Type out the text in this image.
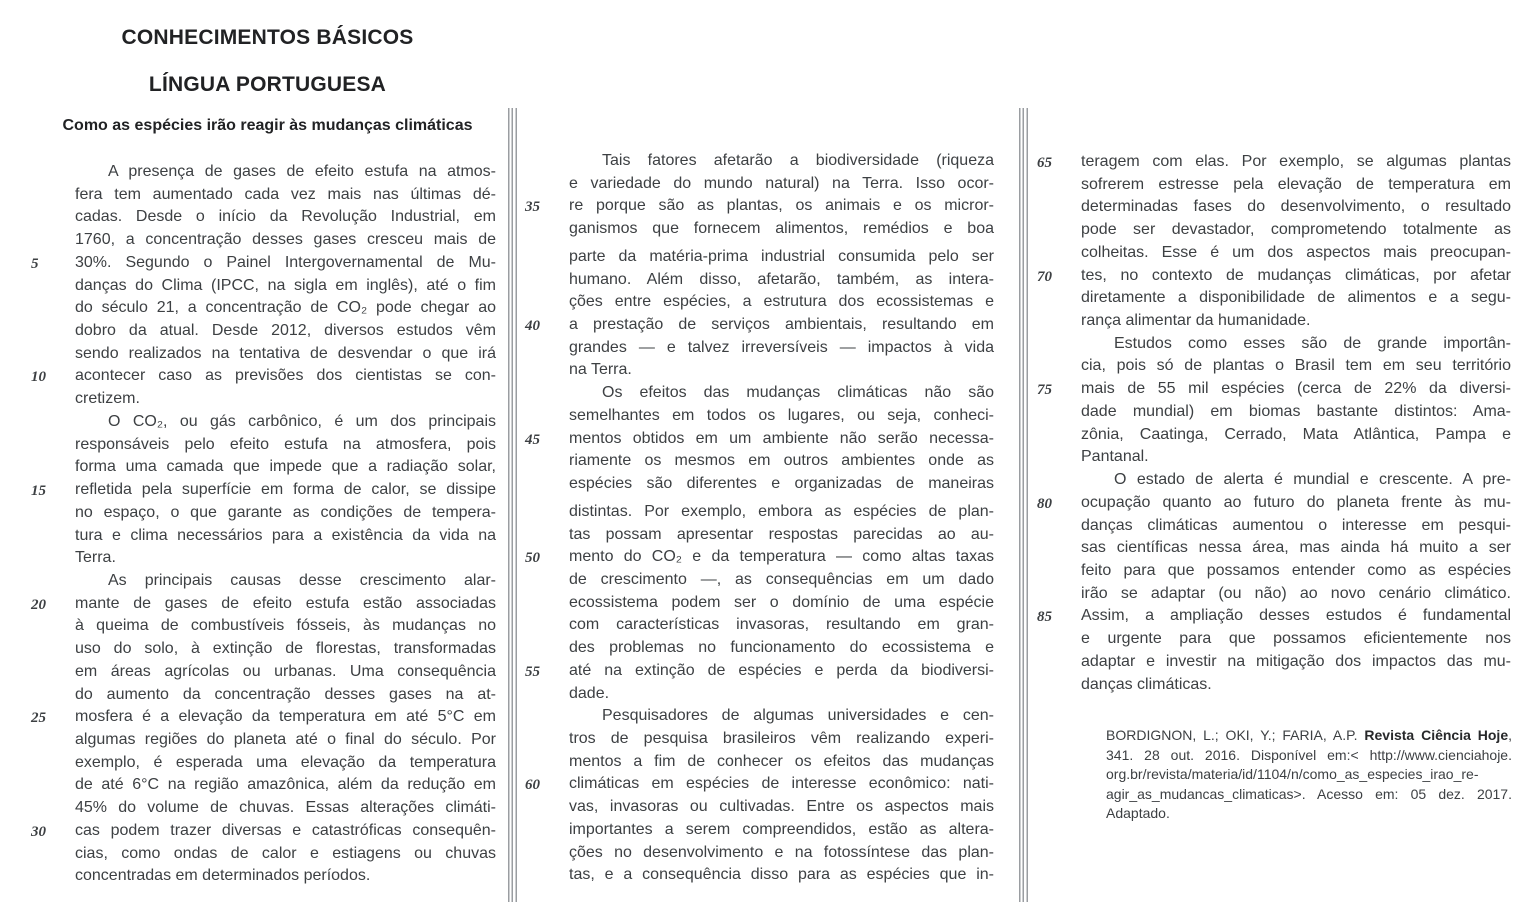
CONHECIMENTOS BÁSICOS
LÍNGUA PORTUGUESA
Como as espécies irão reagir às mudanças climáticas
A presença de gases de efeito estufa na atmos-
fera tem aumentado cada vez mais nas últimas dé-
cadas. Desde o início da Revolução Industrial, em
1760, a concentração desses gases cresceu mais de
5	30%. Segundo o Painel Intergovernamental de Mu-
danças do Clima (IPCC, na sigla em inglês), até o fim
do século 21, a concentração de CO₂ pode chegar ao
dobro da atual. Desde 2012, diversos estudos vêm
sendo realizados na tentativa de desvendar o que irá
10	acontecer caso as previsões dos cientistas se con-
cretizem.
O CO₂, ou gás carbônico, é um dos principais
responsáveis pelo efeito estufa na atmosfera, pois
forma uma camada que impede que a radiação solar,
15	refletida pela superfície em forma de calor, se dissipe
no espaço, o que garante as condições de tempera-
tura e clima necessários para a existência da vida na
Terra.
As principais causas desse crescimento alar-
20	mante de gases de efeito estufa estão associadas
à queima de combustíveis fósseis, às mudanças no
uso do solo, à extinção de florestas, transformadas
em áreas agrícolas ou urbanas. Uma consequência
do aumento da concentração desses gases na at-
25	mosfera é a elevação da temperatura em até 5°C em
algumas regiões do planeta até o final do século. Por
exemplo, é esperada uma elevação da temperatura
de até 6°C na região amazônica, além da redução em
45% do volume de chuvas. Essas alterações climáti-
30	cas podem trazer diversas e catastróficas consequên-
cias, como ondas de calor e estiagens ou chuvas
concentradas em determinados períodos.
Tais fatores afetarão a biodiversidade (riqueza
e variedade do mundo natural) na Terra. Isso ocor-
35	re porque são as plantas, os animais e os micror-
ganismos que fornecem alimentos, remédios e boa
parte da matéria-prima industrial consumida pelo ser
humano. Além disso, afetarão, também, as intera-
ções entre espécies, a estrutura dos ecossistemas e
40	a prestação de serviços ambientais, resultando em
grandes — e talvez irreversíveis — impactos à vida
na Terra.
Os efeitos das mudanças climáticas não são
semelhantes em todos os lugares, ou seja, conheci-
45	mentos obtidos em um ambiente não serão necessa-
riamente os mesmos em outros ambientes onde as
espécies são diferentes e organizadas de maneiras
distintas. Por exemplo, embora as espécies de plan-
tas possam apresentar respostas parecidas ao au-
50	mento do CO₂ e da temperatura — como altas taxas
de crescimento —, as consequências em um dado
ecossistema podem ser o domínio de uma espécie
com características invasoras, resultando em gran-
des problemas no funcionamento do ecossistema e
55	até na extinção de espécies e perda da biodiversi-
dade.
Pesquisadores de algumas universidades e cen-
tros de pesquisa brasileiros vêm realizando experi-
mentos a fim de conhecer os efeitos das mudanças
60	climáticas em espécies de interesse econômico: nati-
vas, invasoras ou cultivadas. Entre os aspectos mais
importantes a serem compreendidos, estão as altera-
ções no desenvolvimento e na fotossíntese das plan-
tas, e a consequência disso para as espécies que in-
65	teragem com elas. Por exemplo, se algumas plantas
sofrerem estresse pela elevação de temperatura em
determinadas fases do desenvolvimento, o resultado
pode ser devastador, comprometendo totalmente as
colheitas. Esse é um dos aspectos mais preocupan-
70	tes, no contexto de mudanças climáticas, por afetar
diretamente a disponibilidade de alimentos e a segu-
rança alimentar da humanidade.
Estudos como esses são de grande importân-
cia, pois só de plantas o Brasil tem em seu território
75	mais de 55 mil espécies (cerca de 22% da diversi-
dade mundial) em biomas bastante distintos: Ama-
zônia, Caatinga, Cerrado, Mata Atlântica, Pampa e
Pantanal.
O estado de alerta é mundial e crescente. A pre-
80	ocupação quanto ao futuro do planeta frente às mu-
danças climáticas aumentou o interesse em pesqui-
sas científicas nessa área, mas ainda há muito a ser
feito para que possamos entender como as espécies
irão se adaptar (ou não) ao novo cenário climático.
85	Assim, a ampliação desses estudos é fundamental
e urgente para que possamos eficientemente nos
adaptar e investir na mitigação dos impactos das mu-
danças climáticas.
BORDIGNON, L.; OKI, Y.; FARIA, A.P. Revista Ciência Hoje,
341. 28 out. 2016. Disponível em:< http://www.cienciahoje.
org.br/revista/materia/id/1104/n/como_as_especies_irao_re-
agir_as_mudancas_climaticas>. Acesso em: 05 dez. 2017.
Adaptado.
